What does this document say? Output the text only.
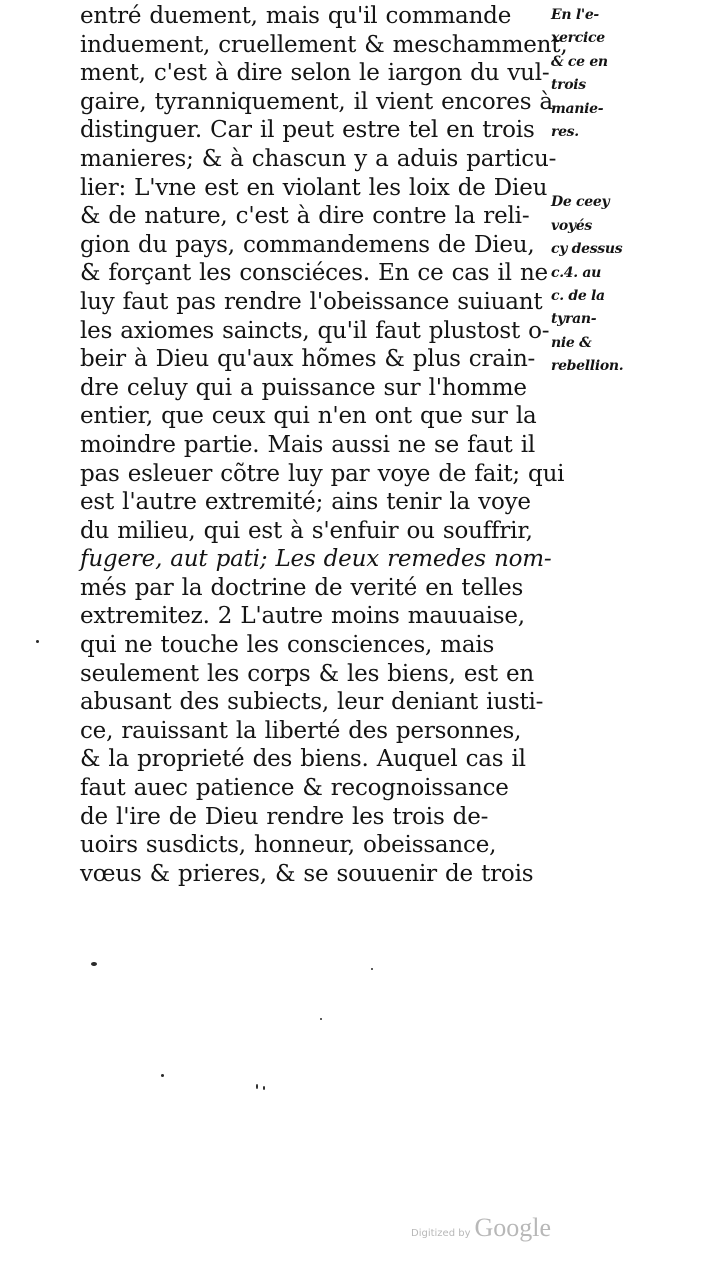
entré duement, mais qu'il commande
induement, cruellement & meschamment,
ment, c'est à dire selon le iargon du vul-
gaire, tyranniquement, il vient encores à
distinguer. Car il peut estre tel en trois
manieres; & à chascun y a aduis particu-
lier: L'vne est en violant les loix de Dieu
& de nature, c'est à dire contre la reli-
gion du pays, commandemens de Dieu,
& forçant les consciéces. En ce cas il ne
luy faut pas rendre l'obeissance suiuant
les axiomes saincts, qu'il faut plustost o-
beir à Dieu qu'aux hõmes & plus crain-
dre celuy qui a puissance sur l'homme
entier, que ceux qui n'en ont que sur la
moindre partie. Mais aussi ne se faut il
pas esleuer cõtre luy par voye de fait; qui
est l'autre extremité; ains tenir la voye
du milieu, qui est à s'enfuir ou souffrir,
fugere, aut pati; Les deux remedes nom-
més par la doctrine de verité en telles
extremitez. 2 L'autre moins mauuaise,
qui ne touche les consciences, mais
seulement les corps & les biens, est en
abusant des subiects, leur deniant iusti-
ce, rauissant la liberté des personnes,
& la proprieté des biens. Auquel cas il
faut auec patience & recognoissance
de l'ire de Dieu rendre les trois de-
uoirs susdicts, honneur, obeissance,
vœus & prieres, & se souuenir de trois
En l'e-
xercice
& ce en
trois
manie-
res.
De ceey
voyés
cy dessus
c.4. au
c. de la
tyran-
nie &
rebellion.
Digitized by Google
